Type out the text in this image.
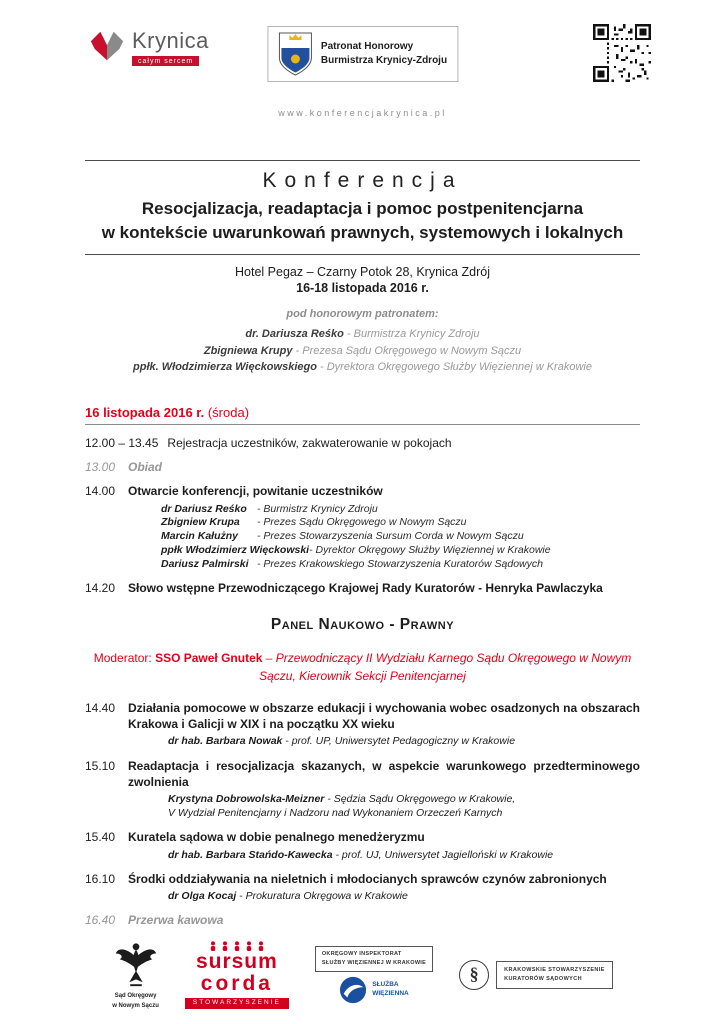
Krynica
całym sercem
Patronat Honorowy
Burmistrza Krynicy-Zdroju
www.konferencjakrynica.pl
Konferencja
Resocjalizacja, readaptacja i pomoc postpenitencjarna
w kontekście uwarunkowań prawnych, systemowych i lokalnych
Hotel Pegaz – Czarny Potok 28, Krynica Zdrój
16-18 listopada 2016 r.
pod honorowym patronatem:
dr. Dariusza Reśko - Burmistrza Krynicy Zdroju
Zbigniewa Krupy - Prezesa Sądu Okręgowego w Nowym Sączu
ppłk. Włodzimierza Więckowskiego - Dyrektora Okręgowego Służby Więziennej w Krakowie
16 listopada 2016 r. (środa)
12.00 – 13.45 Rejestracja uczestników, zakwaterowanie w pokojach
13.00	Obiad
14.00	Otwarcie konferencji, powitanie uczestników
dr Dariusz Reśko - Burmistrz Krynicy Zdroju
Zbigniew Krupa	- Prezes Sądu Okręgowego w Nowym Sączu
Marcin Kałużny	- Prezes Stowarzyszenia Sursum Corda w Nowym Sączu
ppłk Włodzimierz Więckowski - Dyrektor Okręgowy Służby Więziennej w Krakowie
Dariusz Palmirski - Prezes Krakowskiego Stowarzyszenia Kuratorów Sądowych
14.20	Słowo wstępne Przewodniczącego Krajowej Rady Kuratorów - Henryka Pawlaczyka
Panel Naukowo - Prawny
Moderator: SSO Paweł Gnutek – Przewodniczący II Wydziału Karnego Sądu Okręgowego w Nowym Sączu, Kierownik Sekcji Penitencjarnej
14.40	Działania pomocowe w obszarze edukacji i wychowania wobec osadzonych na obszarach Krakowa i Galicji w XIX i na początku XX wieku
dr hab. Barbara Nowak - prof. UP, Uniwersytet Pedagogiczny w Krakowie
15.10	Readaptacja i resocjalizacja skazanych, w aspekcie warunkowego przedterminowego zwolnienia
Krystyna Dobrowolska-Meizner - Sędzia Sądu Okręgowego w Krakowie,
V Wydział Penitencjarny i Nadzoru nad Wykonaniem Orzeczeń Karnych
15.40	Kuratela sądowa w dobie penalnego menedżeryzmu
dr hab. Barbara Stańdo-Kawecka - prof. UJ, Uniwersytet Jagielloński w Krakowie
16.10	Środki oddziaływania na nieletnich i młodocianych sprawców czynów zabronionych
dr Olga Kocaj - Prokuratura Okręgowa w Krakowie
16.40	Przerwa kawowa
Sąd Okręgowy
w Nowym Sączu
sursum
corda
STOWARZYSZENIE
OKRĘGOWY INSPEKTORAT
SŁUŻBY WIĘZIENNEJ W KRAKOWIE
SŁUŻBA
WIĘZIENNA
§	KRAKOWSKIE STOWARZYSZENIE
KURATORÓW SĄDOWYCH
